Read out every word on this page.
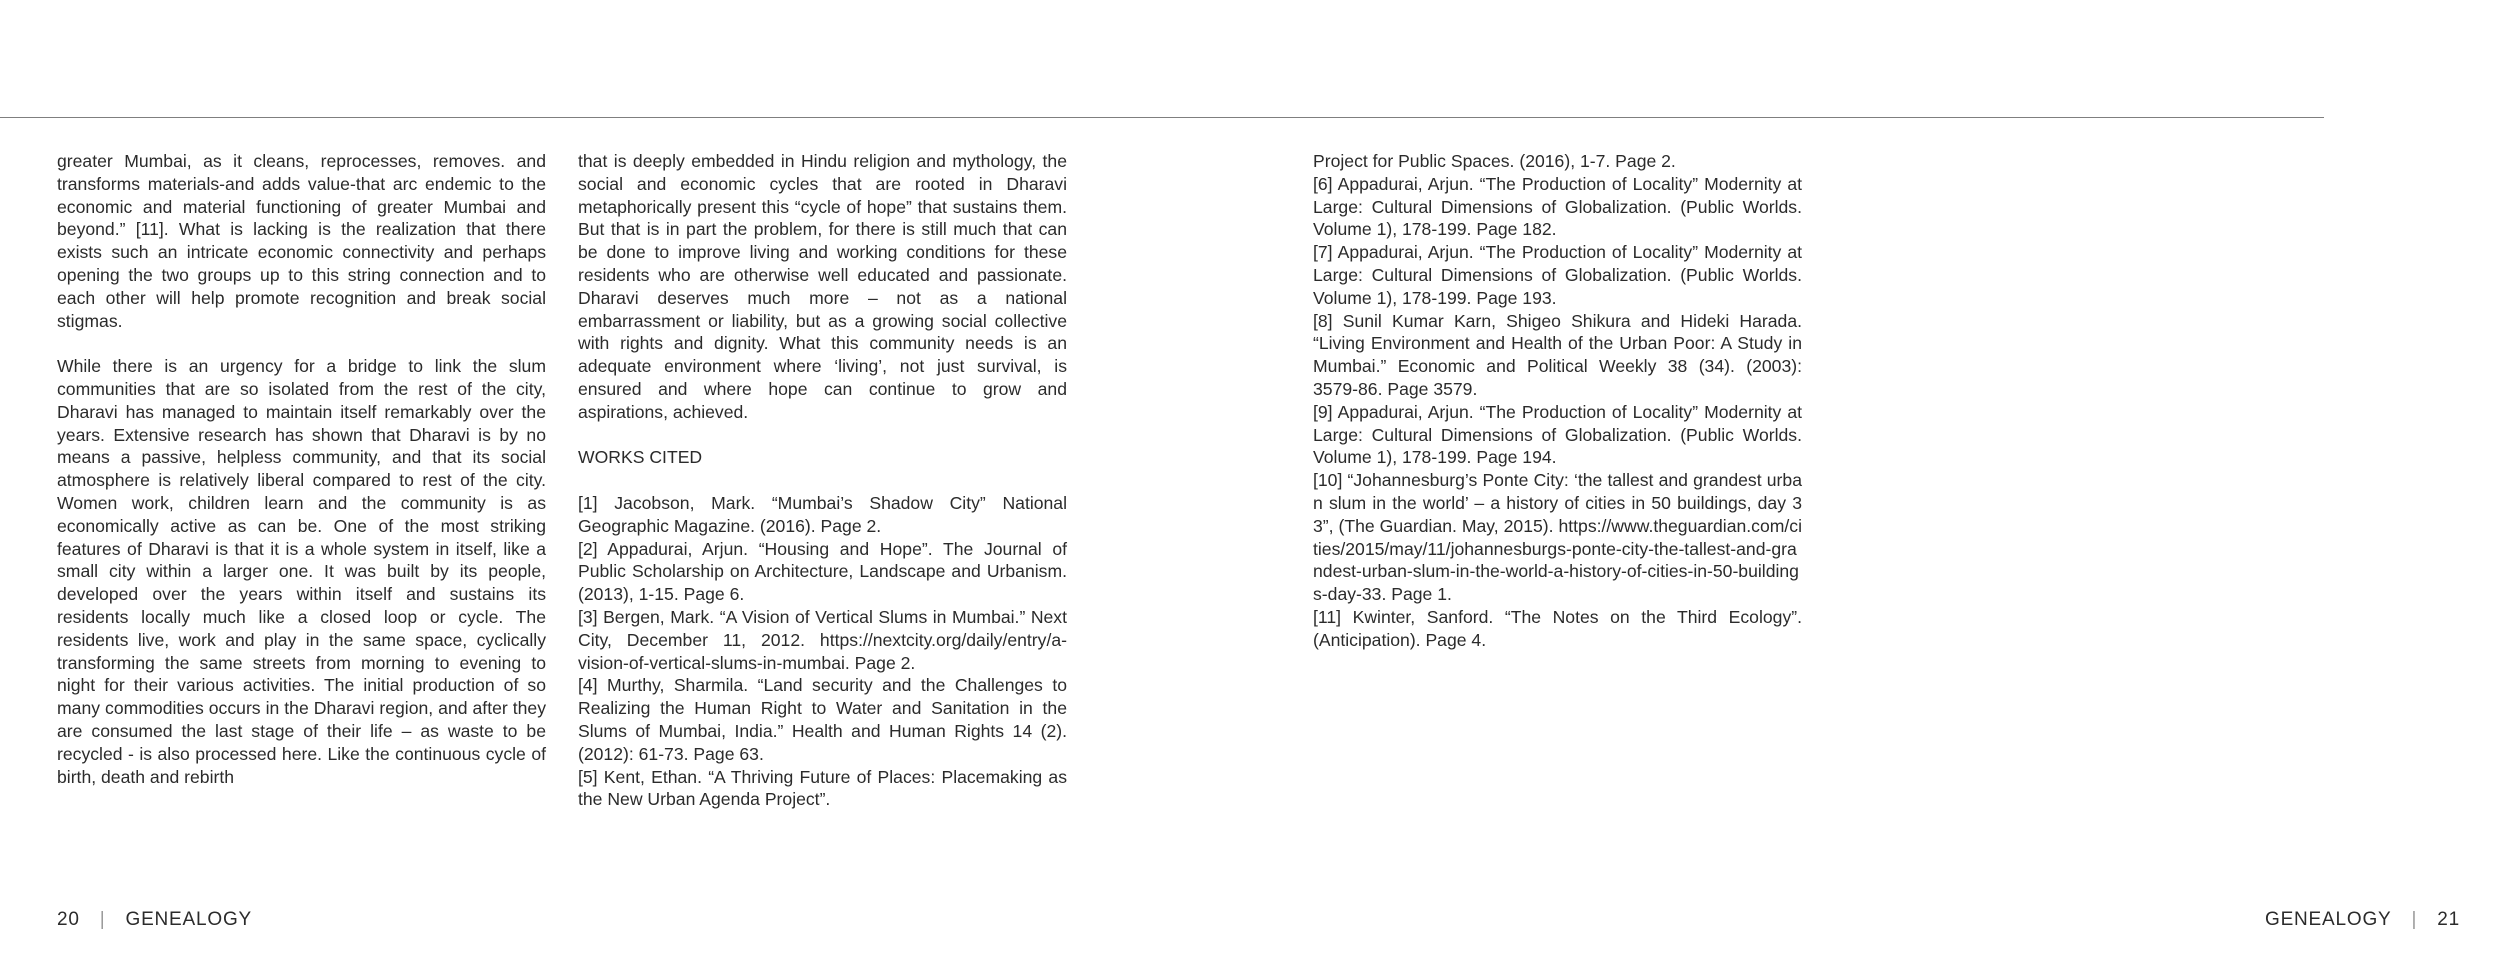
greater Mumbai, as it cleans, reprocesses, removes. and transforms materials-and adds value-that arc endemic to the economic and material functioning of greater Mumbai and beyond.” [11]. What is lacking is the realization that there exists such an intricate economic connectivity and perhaps opening the two groups up to this string connection and to each other will help promote recognition and break social stigmas.

While there is an urgency for a bridge to link the slum communities that are so isolated from the rest of the city, Dharavi has managed to maintain itself remarkably over the years. Extensive research has shown that Dharavi is by no means a passive, helpless community, and that its social atmosphere is relatively liberal compared to rest of the city. Women work, children learn and the community is as economically active as can be. One of the most striking features of Dharavi is that it is a whole system in itself, like a small city within a larger one. It was built by its people, developed over the years within itself and sustains its residents locally much like a closed loop or cycle. The residents live, work and play in the same space, cyclically transforming the same streets from morning to evening to night for their various activities. The initial production of so many commodities occurs in the Dharavi region, and after they are consumed the last stage of their life – as waste to be recycled - is also processed here. Like the continuous cycle of birth, death and rebirth

that is deeply embedded in Hindu religion and mythology, the social and economic cycles that are rooted in Dharavi metaphorically present this “cycle of hope” that sustains them. But that is in part the problem, for there is still much that can be done to improve living and working conditions for these residents who are otherwise well educated and passionate. Dharavi deserves much more – not as a national embarrassment or liability, but as a growing social collective with rights and dignity. What this community needs is an adequate environment where ‘living’, not just survival, is ensured and where hope can continue to grow and aspirations, achieved.

WORKS CITED

[1] Jacobson, Mark. “Mumbai’s Shadow City” National Geographic Magazine. (2016). Page 2.

[2] Appadurai, Arjun. “Housing and Hope”. The Journal of Public Scholarship on Architecture, Landscape and Urbanism. (2013), 1-15. Page 6.

[3] Bergen, Mark. “A Vision of Vertical Slums in Mumbai.” Next City, December 11, 2012. https://nextcity.org/daily/entry/a-vision-of-vertical-slums-in-mumbai. Page 2.

[4] Murthy, Sharmila. “Land security and the Challenges to Realizing the Human Right to Water and Sanitation in the Slums of Mumbai, India.” Health and Human Rights 14 (2). (2012): 61-73. Page 63.

[5] Kent, Ethan. “A Thriving Future of Places: Placemaking as the New Urban Agenda Project”.

Project for Public Spaces. (2016), 1-7. Page 2.

[6] Appadurai, Arjun. “The Production of Locality” Modernity at Large: Cultural Dimensions of Globalization. (Public Worlds. Volume 1), 178-199. Page 182.

[7] Appadurai, Arjun. “The Production of Locality” Modernity at Large: Cultural Dimensions of Globalization. (Public Worlds. Volume 1), 178-199. Page 193.

[8] Sunil Kumar Karn, Shigeo Shikura and Hideki Harada. “Living Environment and Health of the Urban Poor: A Study in Mumbai.” Economic and Political Weekly 38 (34). (2003): 3579-86. Page 3579.

[9] Appadurai, Arjun. “The Production of Locality” Modernity at Large: Cultural Dimensions of Globalization. (Public Worlds. Volume 1), 178-199. Page 194.

[10] “Johannesburg’s Ponte City: ‘the tallest and grandest urban slum in the world’ – a history of cities in 50 buildings, day 33”, (The Guardian. May, 2015). https://www.theguardian.com/cities/2015/may/11/johannesburgs-ponte-city-the-tallest-and-grandest-urban-slum-in-the-world-a-history-of-cities-in-50-buildings-day-33. Page 1.

[11] Kwinter, Sanford. “The Notes on the Third Ecology”. (Anticipation). Page 4.

20 | GENEALOGY	GENEALOGY | 21
